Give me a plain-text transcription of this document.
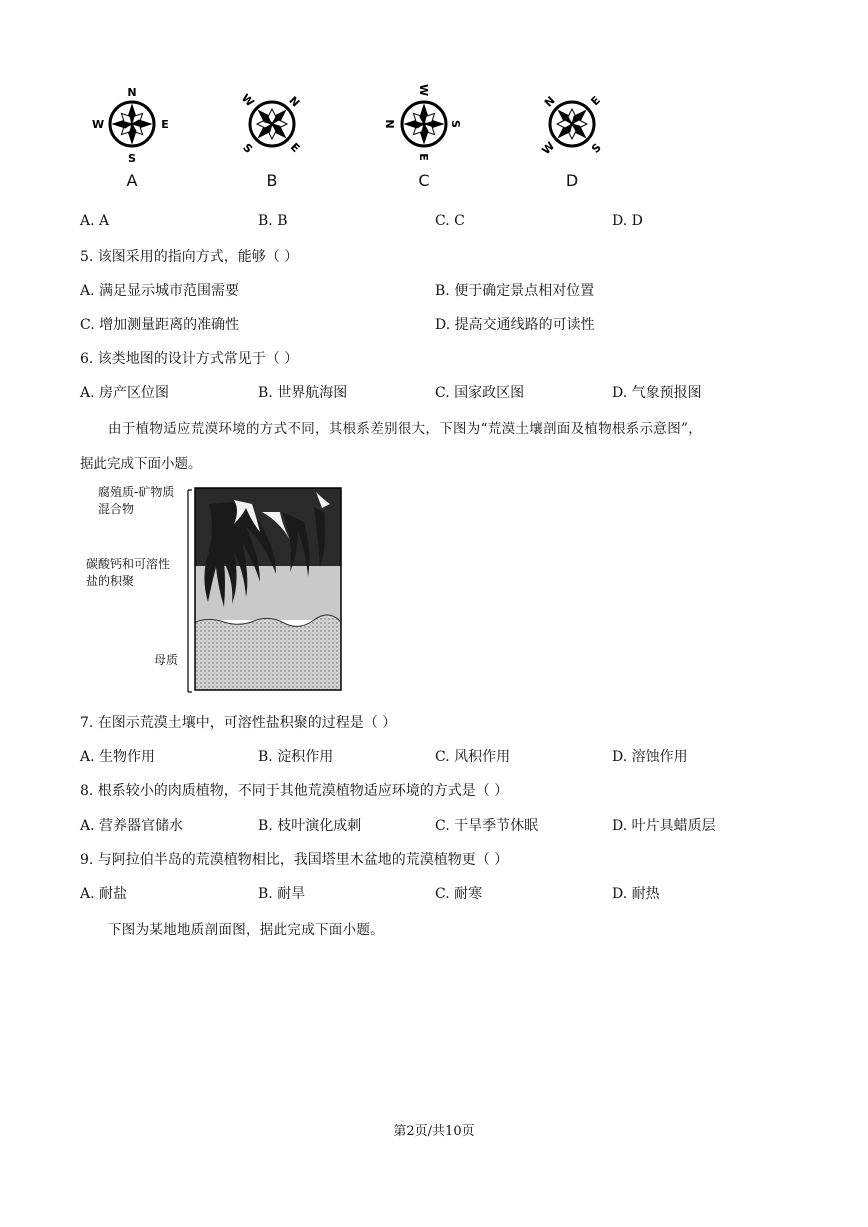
N
E
S
W
A
N
E
S
W
B
S
E
N
W
C
N	E
S
W
D
A. A	B. B	C. C	D. D
5. 该图采用的指向方式，能够（ ）
A. 满足显示城市范围需要	B. 便于确定景点相对位置
C. 增加测量距离的准确性	D. 提高交通线路的可读性
6. 该类地图的设计方式常见于（ ）
A. 房产区位图	B. 世界航海图	C. 国家政区图	D. 气象预报图
由于植物适应荒漠环境的方式不同，其根系差别很大，下图为“荒漠土壤剖面及植物根系示意图”，
据此完成下面小题。
腐殖质-矿物质
混合物
碳酸钙和可溶性
盐的积聚
母质
7. 在图示荒漠土壤中，可溶性盐积聚的过程是（ ）
A. 生物作用	B. 淀积作用	C. 风积作用	D. 溶蚀作用
8. 根系较小的肉质植物，不同于其他荒漠植物适应环境的方式是（ ）
A. 营养器官储水	B. 枝叶演化成刺	C. 干旱季节休眠	D. 叶片具蜡质层
9. 与阿拉伯半岛的荒漠植物相比，我国塔里木盆地的荒漠植物更（ ）
A. 耐盐	B. 耐旱	C. 耐寒	D. 耐热
下图为某地地质剖面图，据此完成下面小题。
第2页/共10页
